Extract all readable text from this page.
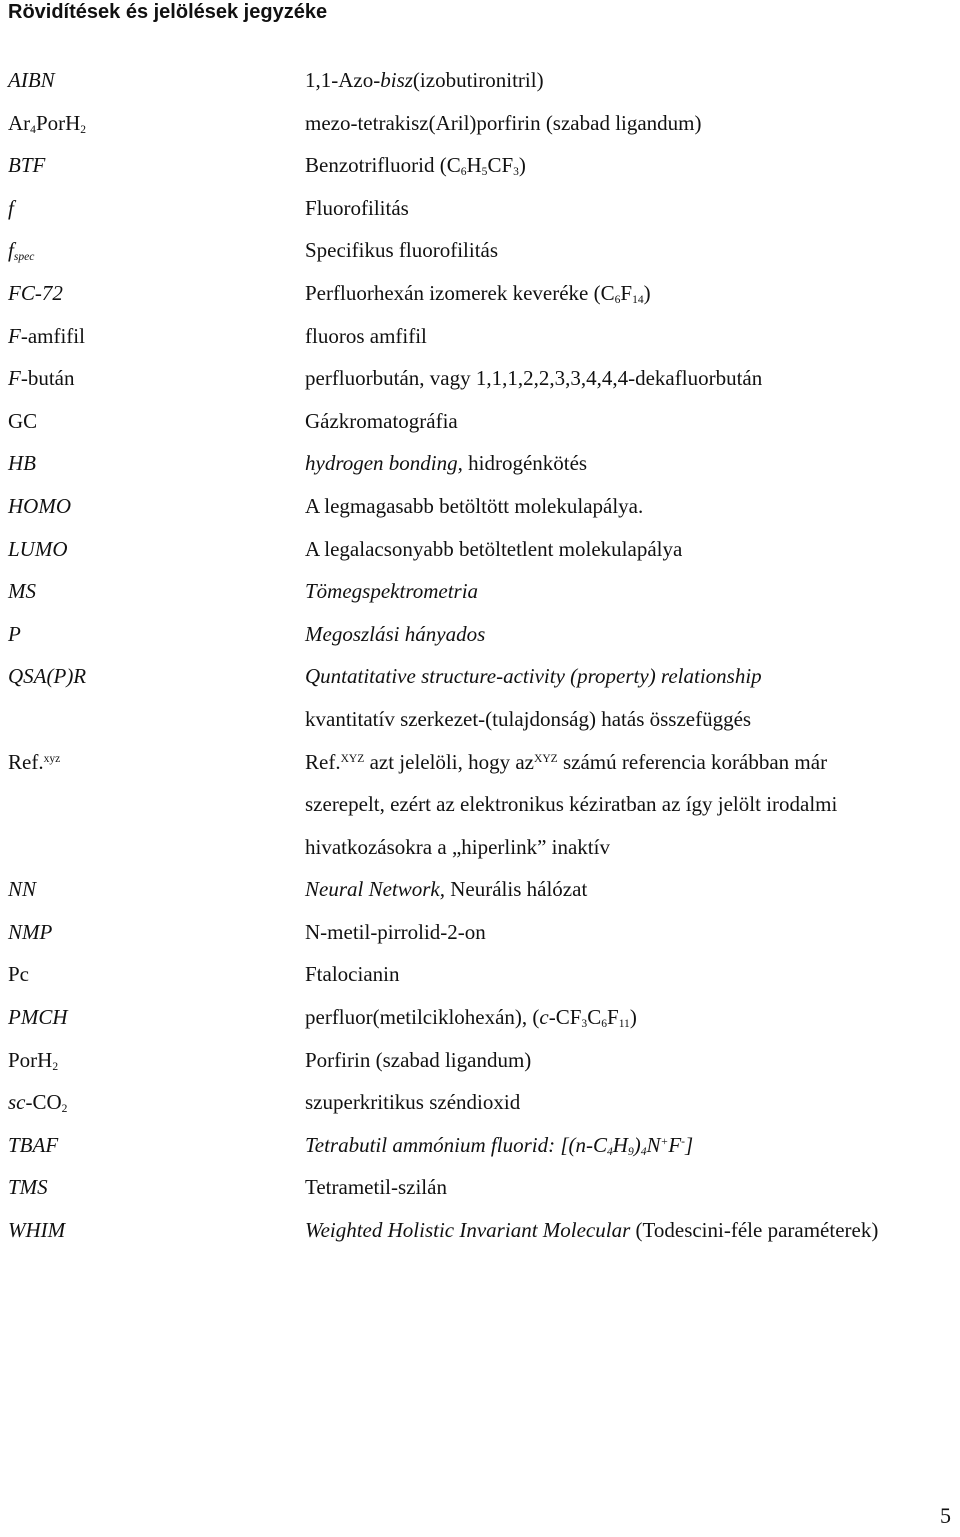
Rövidítések és jelölések jegyzéke
AIBN	1,1-Azo-bisz(izobutironitril)
$Ar_4PorH_2$	mezo-tetrakisz(Aril)porfirin (szabad ligandum)
BTF	Benzotrifluorid $(C_6H_5CF_3)$
f	Fluorofilitás
$f_{spec}$	Specifikus fluorofilitás
FC-72	Perfluorhexán izomerek keveréke $(C_6F_{14})$
F-amfifil	fluoros amfifil
F-bután	perfluorbután, vagy 1,1,1,2,2,3,3,4,4,4-dekafluorbután
GC	Gázkromatográfia
HB	hydrogen bonding, hidrogénkötés
HOMO	A legmagasabb betöltött molekulapálya.
LUMO	A legalacsonyabb betöltetlent molekulapálya
MS	Tömegspektrometria
P	Megoszlási hányados
QSA(P)R	Quntatitative structure-activity (property) relationship
kvantitatív szerkezet-(tulajdonság) hatás összefüggés
Ref.$^{xyz}$	Ref.$^{XYZ}$ azt jelelöli, hogy $az^{XYZ}$ számú referencia korábban már
szerepelt, ezért az elektronikus kéziratban az így jelölt irodalmi
hivatkozásokra a „hiperlink” inaktív
NN	Neural Network, Neurális hálózat
NMP	N-metil-pirrolid-2-on
Pc	Ftalocianin
PMCH	perfluor(metilciklohexán), $(c-CF_3C_6F_{11})$
PorH$_2$	Porfirin (szabad ligandum)
$sc-CO_2$	szuperkritikus széndioxid
TBAF	Tetrabutil ammónium fluorid: $[(n-C_4H_9)_4N^+F^-]$
TMS	Tetrametil-szilán
WHIM	Weighted Holistic Invariant Molecular (Todescini-féle paraméterek)
5
